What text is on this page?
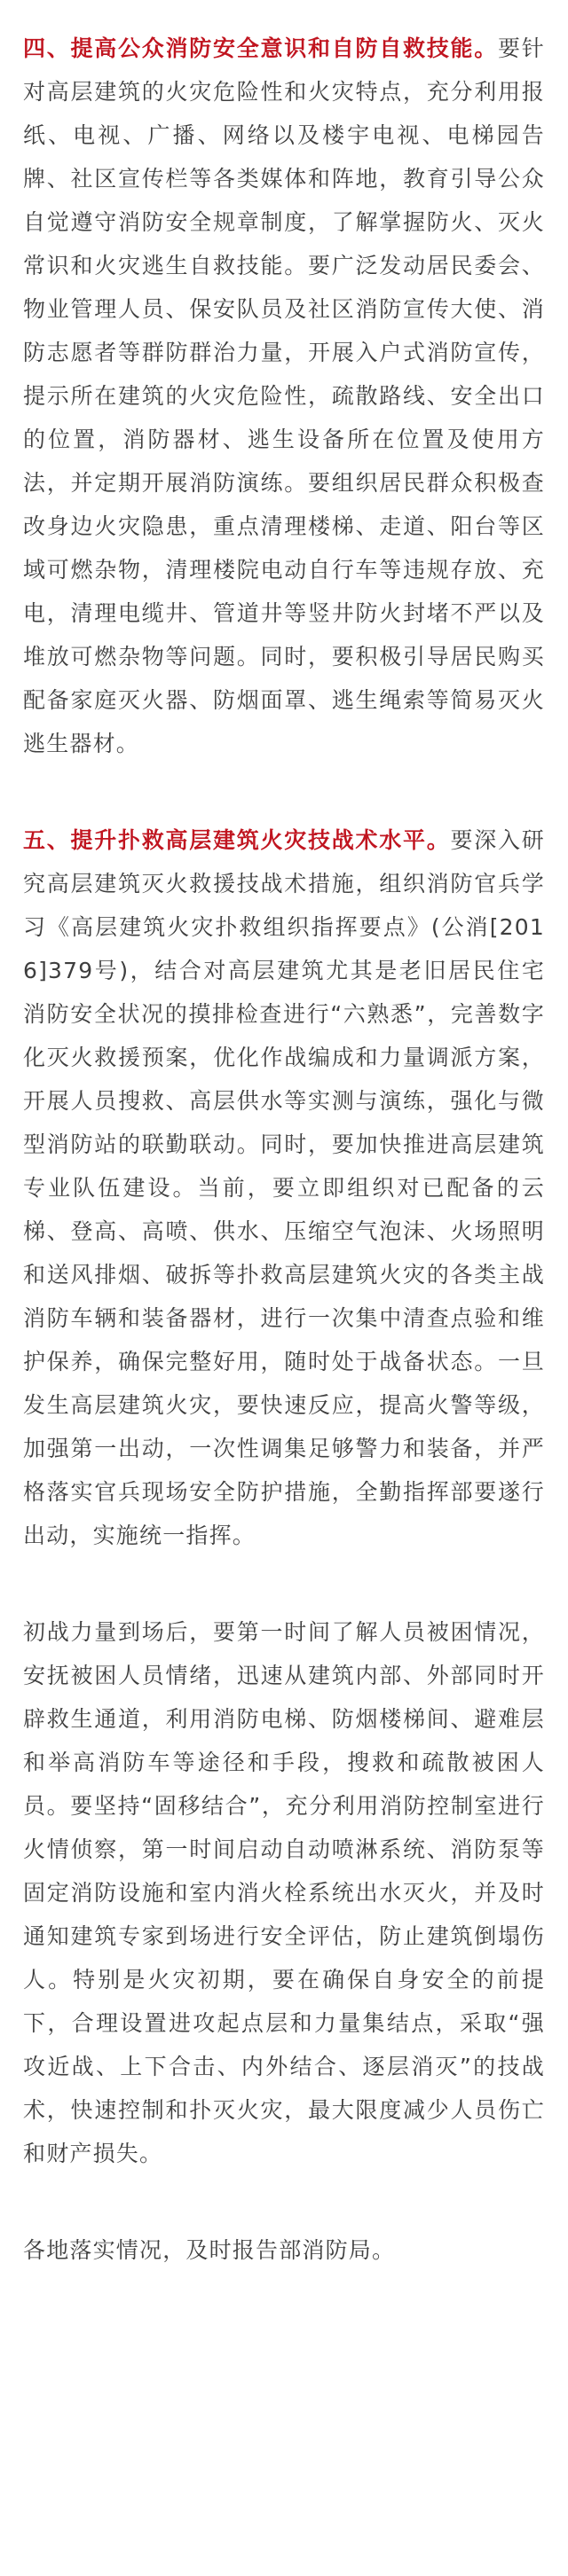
四、提高公众消防安全意识和自防自救技能。要针对高层建筑的火灾危险性和火灾特点，充分利用报纸、电视、广播、网络以及楼宇电视、电梯园告牌、社区宣传栏等各类媒体和阵地，教育引导公众自觉遵守消防安全规章制度，了解掌握防火、灭火常识和火灾逃生自救技能。要广泛发动居民委会、物业管理人员、保安队员及社区消防宣传大使、消防志愿者等群防群治力量，开展入户式消防宣传，提示所在建筑的火灾危险性，疏散路线、安全出口的位置，消防器材、逃生设备所在位置及使用方法，并定期开展消防演练。要组织居民群众积极查改身边火灾隐患，重点清理楼梯、走道、阳台等区域可燃杂物，清理楼院电动自行车等违规存放、充电，清理电缆井、管道井等竖井防火封堵不严以及堆放可燃杂物等问题。同时，要积极引导居民购买配备家庭灭火器、防烟面罩、逃生绳索等简易灭火逃生器材。

五、提升扑救高层建筑火灾技战术水平。要深入研究高层建筑灭火救援技战术措施，组织消防官兵学习《高层建筑火灾扑救组织指挥要点》(公消[2016]379号)，结合对高层建筑尤其是老旧居民住宅消防安全状况的摸排检查进行“六熟悉”，完善数字化灭火救援预案，优化作战编成和力量调派方案，开展人员搜救、高层供水等实测与演练，强化与微型消防站的联勤联动。同时，要加快推进高层建筑专业队伍建设。当前，要立即组织对已配备的云梯、登高、高喷、供水、压缩空气泡沫、火场照明和送风排烟、破拆等扑救高层建筑火灾的各类主战消防车辆和装备器材，进行一次集中清查点验和维护保养，确保完整好用，随时处于战备状态。一旦发生高层建筑火灾，要快速反应，提高火警等级，加强第一出动，一次性调集足够警力和装备，并严格落实官兵现场安全防护措施，全勤指挥部要遂行出动，实施统一指挥。

初战力量到场后，要第一时间了解人员被困情况，安抚被困人员情绪，迅速从建筑内部、外部同时开辟救生通道，利用消防电梯、防烟楼梯间、避难层和举高消防车等途径和手段，搜救和疏散被困人员。要坚持“固移结合”，充分利用消防控制室进行火情侦察，第一时间启动自动喷淋系统、消防泵等固定消防设施和室内消火栓系统出水灭火，并及时通知建筑专家到场进行安全评估，防止建筑倒塌伤人。特别是火灾初期，要在确保自身安全的前提下，合理设置进攻起点层和力量集结点，采取“强攻近战、上下合击、内外结合、逐层消灭”的技战术，快速控制和扑灭火灾，最大限度减少人员伤亡和财产损失。

各地落实情况，及时报告部消防局。
